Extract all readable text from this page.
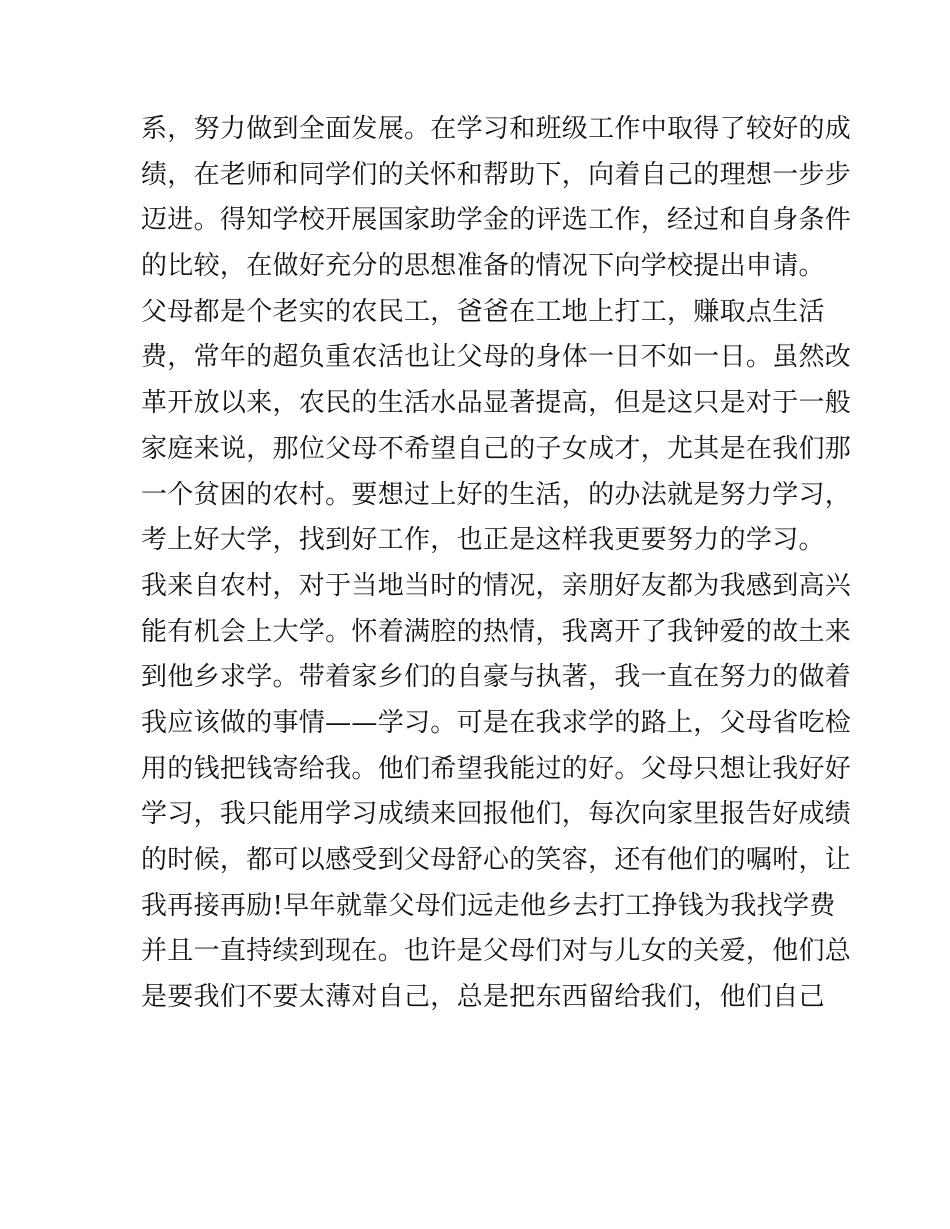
系，努力做到全面发展。在学习和班级工作中取得了较好的成
绩，在老师和同学们的关怀和帮助下，向着自己的理想一步步
迈进。得知学校开展国家助学金的评选工作，经过和自身条件
的比较，在做好充分的思想准备的情况下向学校提出申请。
父母都是个老实的农民工，爸爸在工地上打工，赚取点生活
费，常年的超负重农活也让父母的身体一日不如一日。虽然改
革开放以来，农民的生活水品显著提高，但是这只是对于一般
家庭来说，那位父母不希望自己的子女成才，尤其是在我们那
一个贫困的农村。要想过上好的生活，的办法就是努力学习，
考上好大学，找到好工作，也正是这样我更要努力的学习。
我来自农村，对于当地当时的情况，亲朋好友都为我感到高兴
能有机会上大学。怀着满腔的热情，我离开了我钟爱的故土来
到他乡求学。带着家乡们的自豪与执著，我一直在努力的做着
我应该做的事情——学习。可是在我求学的路上，父母省吃检
用的钱把钱寄给我。他们希望我能过的好。父母只想让我好好
学习，我只能用学习成绩来回报他们，每次向家里报告好成绩
的时候，都可以感受到父母舒心的笑容，还有他们的嘱咐，让
我再接再励!早年就靠父母们远走他乡去打工挣钱为我找学费
并且一直持续到现在。也许是父母们对与儿女的关爱，他们总
是要我们不要太薄对自己，总是把东西留给我们，他们自己
